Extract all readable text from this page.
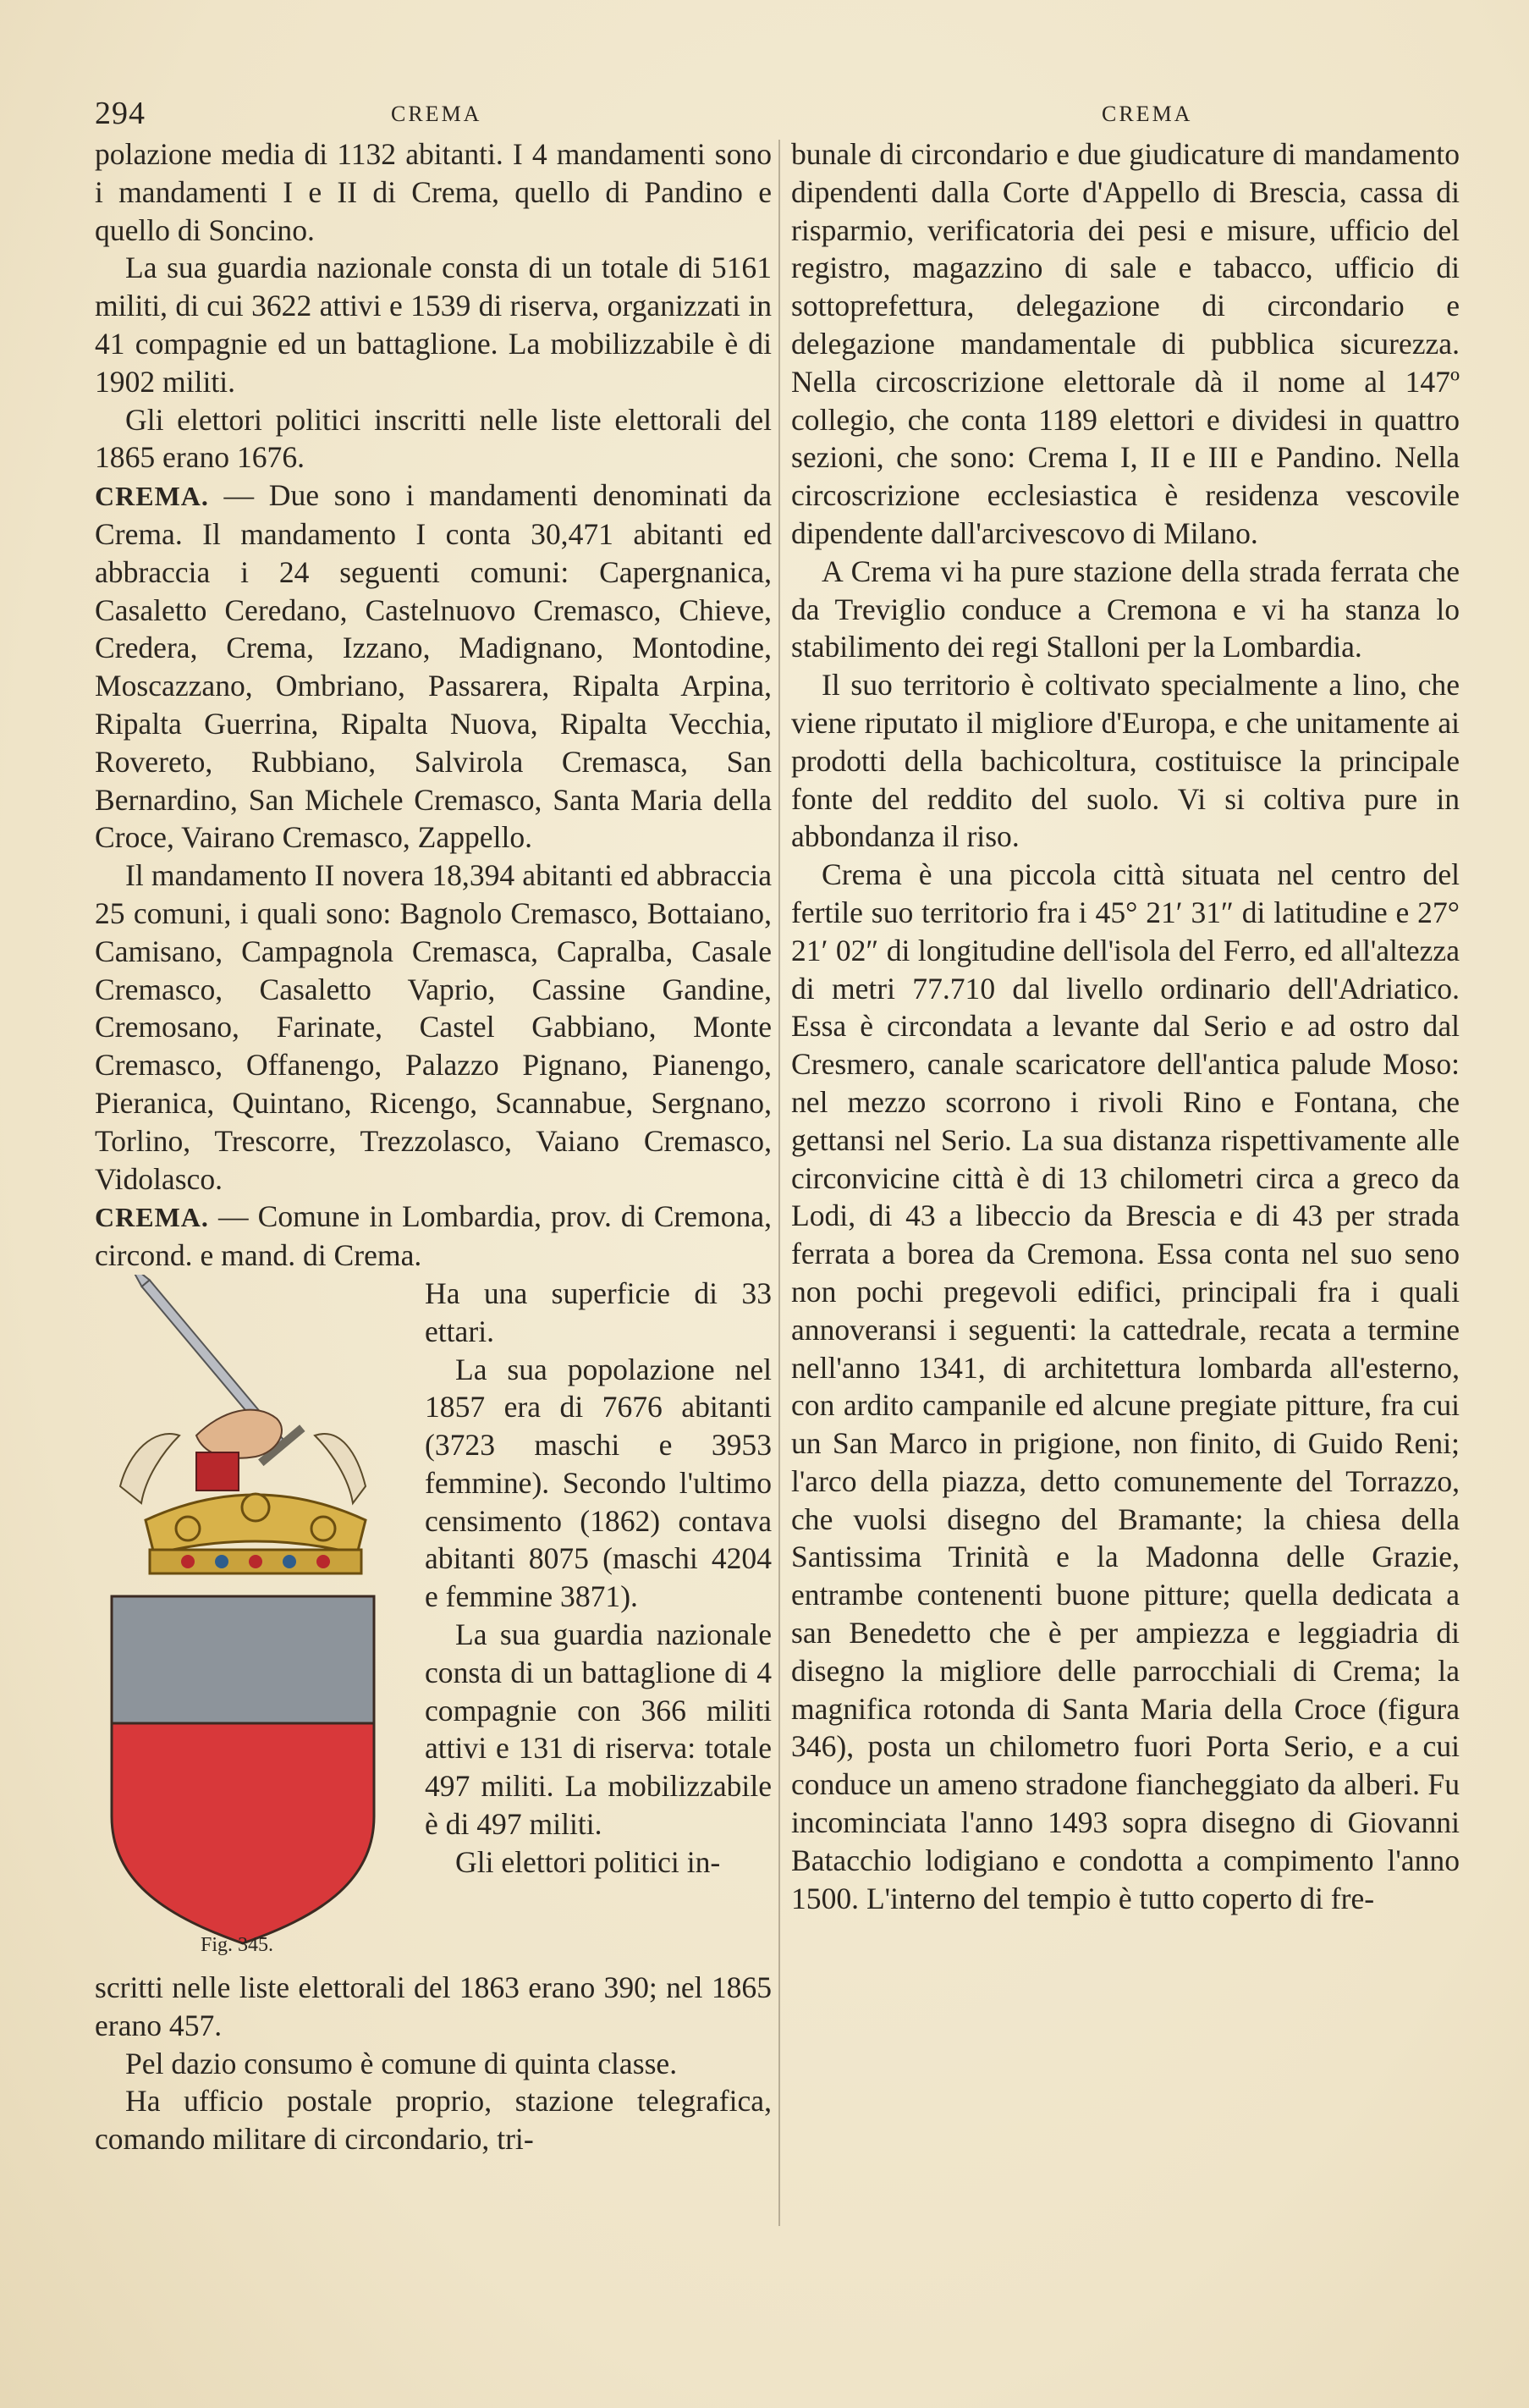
294	CREMA	CREMA

polazione media di 1132 abitanti. I 4 mandamenti sono i mandamenti I e II di Crema, quello di Pandino e quello di Soncino.

La sua guardia nazionale consta di un totale di 5161 militi, di cui 3622 attivi e 1539 di riserva, organizzati in 41 compagnie ed un battaglione. La mobilizzabile è di 1902 militi.

Gli elettori politici inscritti nelle liste elettorali del 1865 erano 1676.

CREMA. — Due sono i mandamenti denominati da Crema. Il mandamento I conta 30,471 abitanti ed abbraccia i 24 seguenti comuni: Capergnanica, Casaletto Ceredano, Castelnuovo Cremasco, Chieve, Credera, Crema, Izzano, Madignano, Montodine, Moscazzano, Ombriano, Passarera, Ripalta Arpina, Ripalta Guerrina, Ripalta Nuova, Ripalta Vecchia, Rovereto, Rubbiano, Salvirola Cremasca, San Bernardino, San Michele Cremasco, Santa Maria della Croce, Vairano Cremasco, Zappello.

Il mandamento II novera 18,394 abitanti ed abbraccia 25 comuni, i quali sono: Bagnolo Cremasco, Bottaiano, Camisano, Campagnola Cremasca, Capralba, Casale Cremasco, Casaletto Vaprio, Cassine Gandine, Cremosano, Farinate, Castel Gabbiano, Monte Cremasco, Offanengo, Palazzo Pignano, Pianengo, Pieranica, Quintano, Ricengo, Scannabue, Sergnano, Torlino, Trescorre, Trezzolasco, Vaiano Cremasco, Vidolasco.

CREMA. — Comune in Lombardia, prov. di Cremona, circond. e mand. di Crema.

Fig. 345.

Ha una superficie di 33 ettari.

La sua popolazione nel 1857 era di 7676 abitanti (3723 maschi e 3953 femmine). Secondo l'ultimo censimento (1862) contava abitanti 8075 (maschi 4204 e femmine 3871).

La sua guardia nazionale consta di un battaglione di 4 compagnie con 366 militi attivi e 131 di riserva: totale 497 militi. La mobilizzabile è di 497 militi.

Gli elettori politici in-

scritti nelle liste elettorali del 1863 erano 390; nel 1865 erano 457.

Pel dazio consumo è comune di quinta classe.

Ha ufficio postale proprio, stazione telegrafica, comando militare di circondario, tri-

bunale di circondario e due giudicature di mandamento dipendenti dalla Corte d'Appello di Brescia, cassa di risparmio, verificatoria dei pesi e misure, ufficio del registro, magazzino di sale e tabacco, ufficio di sottoprefettura, delegazione di circondario e delegazione mandamentale di pubblica sicurezza. Nella circoscrizione elettorale dà il nome al 147º collegio, che conta 1189 elettori e dividesi in quattro sezioni, che sono: Crema I, II e III e Pandino. Nella circoscrizione ecclesiastica è residenza vescovile dipendente dall'arcivescovo di Milano.

A Crema vi ha pure stazione della strada ferrata che da Treviglio conduce a Cremona e vi ha stanza lo stabilimento dei regi Stalloni per la Lombardia.

Il suo territorio è coltivato specialmente a lino, che viene riputato il migliore d'Europa, e che unitamente ai prodotti della bachicoltura, costituisce la principale fonte del reddito del suolo. Vi si coltiva pure in abbondanza il riso.

Crema è una piccola città situata nel centro del fertile suo territorio fra i 45° 21′ 31″ di latitudine e 27° 21′ 02″ di longitudine dell'isola del Ferro, ed all'altezza di metri 77.710 dal livello ordinario dell'Adriatico. Essa è circondata a levante dal Serio e ad ostro dal Cresmero, canale scaricatore dell'antica palude Moso: nel mezzo scorrono i rivoli Rino e Fontana, che gettansi nel Serio. La sua distanza rispettivamente alle circonvicine città è di 13 chilometri circa a greco da Lodi, di 43 a libeccio da Brescia e di 43 per strada ferrata a borea da Cremona. Essa conta nel suo seno non pochi pregevoli edifici, principali fra i quali annoveransi i seguenti: la cattedrale, recata a termine nell'anno 1341, di architettura lombarda all'esterno, con ardito campanile ed alcune pregiate pitture, fra cui un San Marco in prigione, non finito, di Guido Reni; l'arco della piazza, detto comunemente del Torrazzo, che vuolsi disegno del Bramante; la chiesa della Santissima Trinità e la Madonna delle Grazie, entrambe contenenti buone pitture; quella dedicata a san Benedetto che è per ampiezza e leggiadria di disegno la migliore delle parrocchiali di Crema; la magnifica rotonda di Santa Maria della Croce (figura 346), posta un chilometro fuori Porta Serio, e a cui conduce un ameno stradone fiancheggiato da alberi. Fu incominciata l'anno 1493 sopra disegno di Giovanni Batacchio lodigiano e condotta a compimento l'anno 1500. L'interno del tempio è tutto coperto di fre-
